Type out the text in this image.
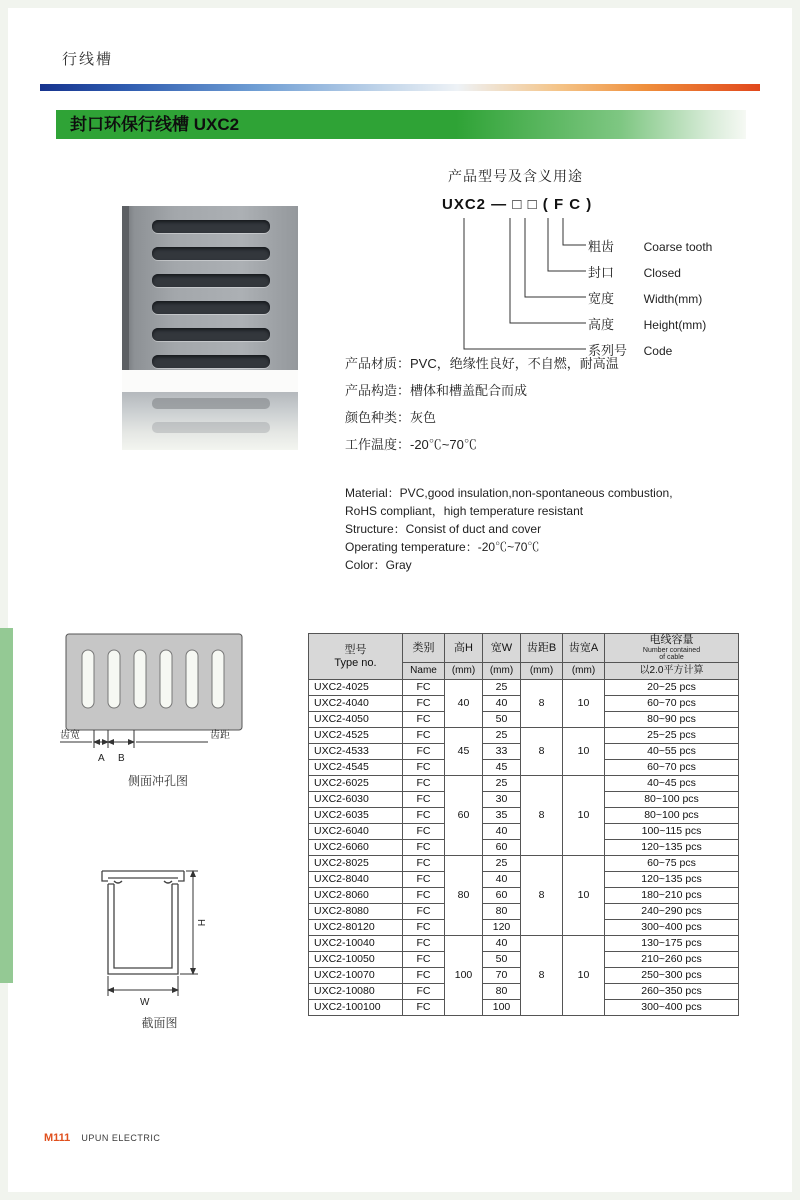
行线槽
封口环保行线槽 UXC2
产品型号及含义用途
UXC2 — □ □ ( F C )
粗齿 Coarse tooth
封口 Closed
宽度 Width(mm)
高度 Height(mm)
系列号 Code
产品材质：PVC，绝缘性良好，不自燃，耐高温
产品构造：槽体和槽盖配合而成
颜色种类：灰色
工作温度：-20℃~70℃
Material：PVC,good insulation,non-spontaneous combustion,
RoHS compliant，high temperature resistant
Structure：Consist of duct and cover
Operating temperature：-20℃~70℃
Color：Gray
齿宽	齿距
A B
侧面冲孔图
H
W
截面图
型号
Type no.	类别	高H	宽W	齿距B	齿宽A	电线容量
Number contained
of cable

	Name	(mm)	(mm)	(mm)	(mm)	以2.0平方计算
UXC2-4025	FC	40	25	8	10	20~25 pcs
UXC2-4040	FC		40			60~70 pcs
UXC2-4050	FC		50			80~90 pcs
UXC2-4525	FC	45	25	8	10	25~25 pcs
UXC2-4533	FC		33			40~55 pcs
UXC2-4545	FC		45			60~70 pcs
UXC2-6025	FC	60	25	8	10	40~45 pcs
UXC2-6030	FC		30			80~100 pcs
UXC2-6035	FC		35			80~100 pcs
UXC2-6040	FC		40			100~115 pcs
UXC2-6060	FC		60			120~135 pcs
UXC2-8025	FC	80	25	8	10	60~75 pcs
UXC2-8040	FC		40			120~135 pcs
UXC2-8060	FC		60			180~210 pcs
UXC2-8080	FC		80			240~290 pcs
UXC2-80120	FC		120			300~400 pcs
UXC2-10040	FC	100	40	8	10	130~175 pcs
UXC2-10050	FC		50			210~260 pcs
UXC2-10070	FC		70			250~300 pcs
UXC2-10080	FC		80			260~350 pcs
UXC2-100100	FC		100			300~400 pcs
M111 UPUN ELECTRIC
